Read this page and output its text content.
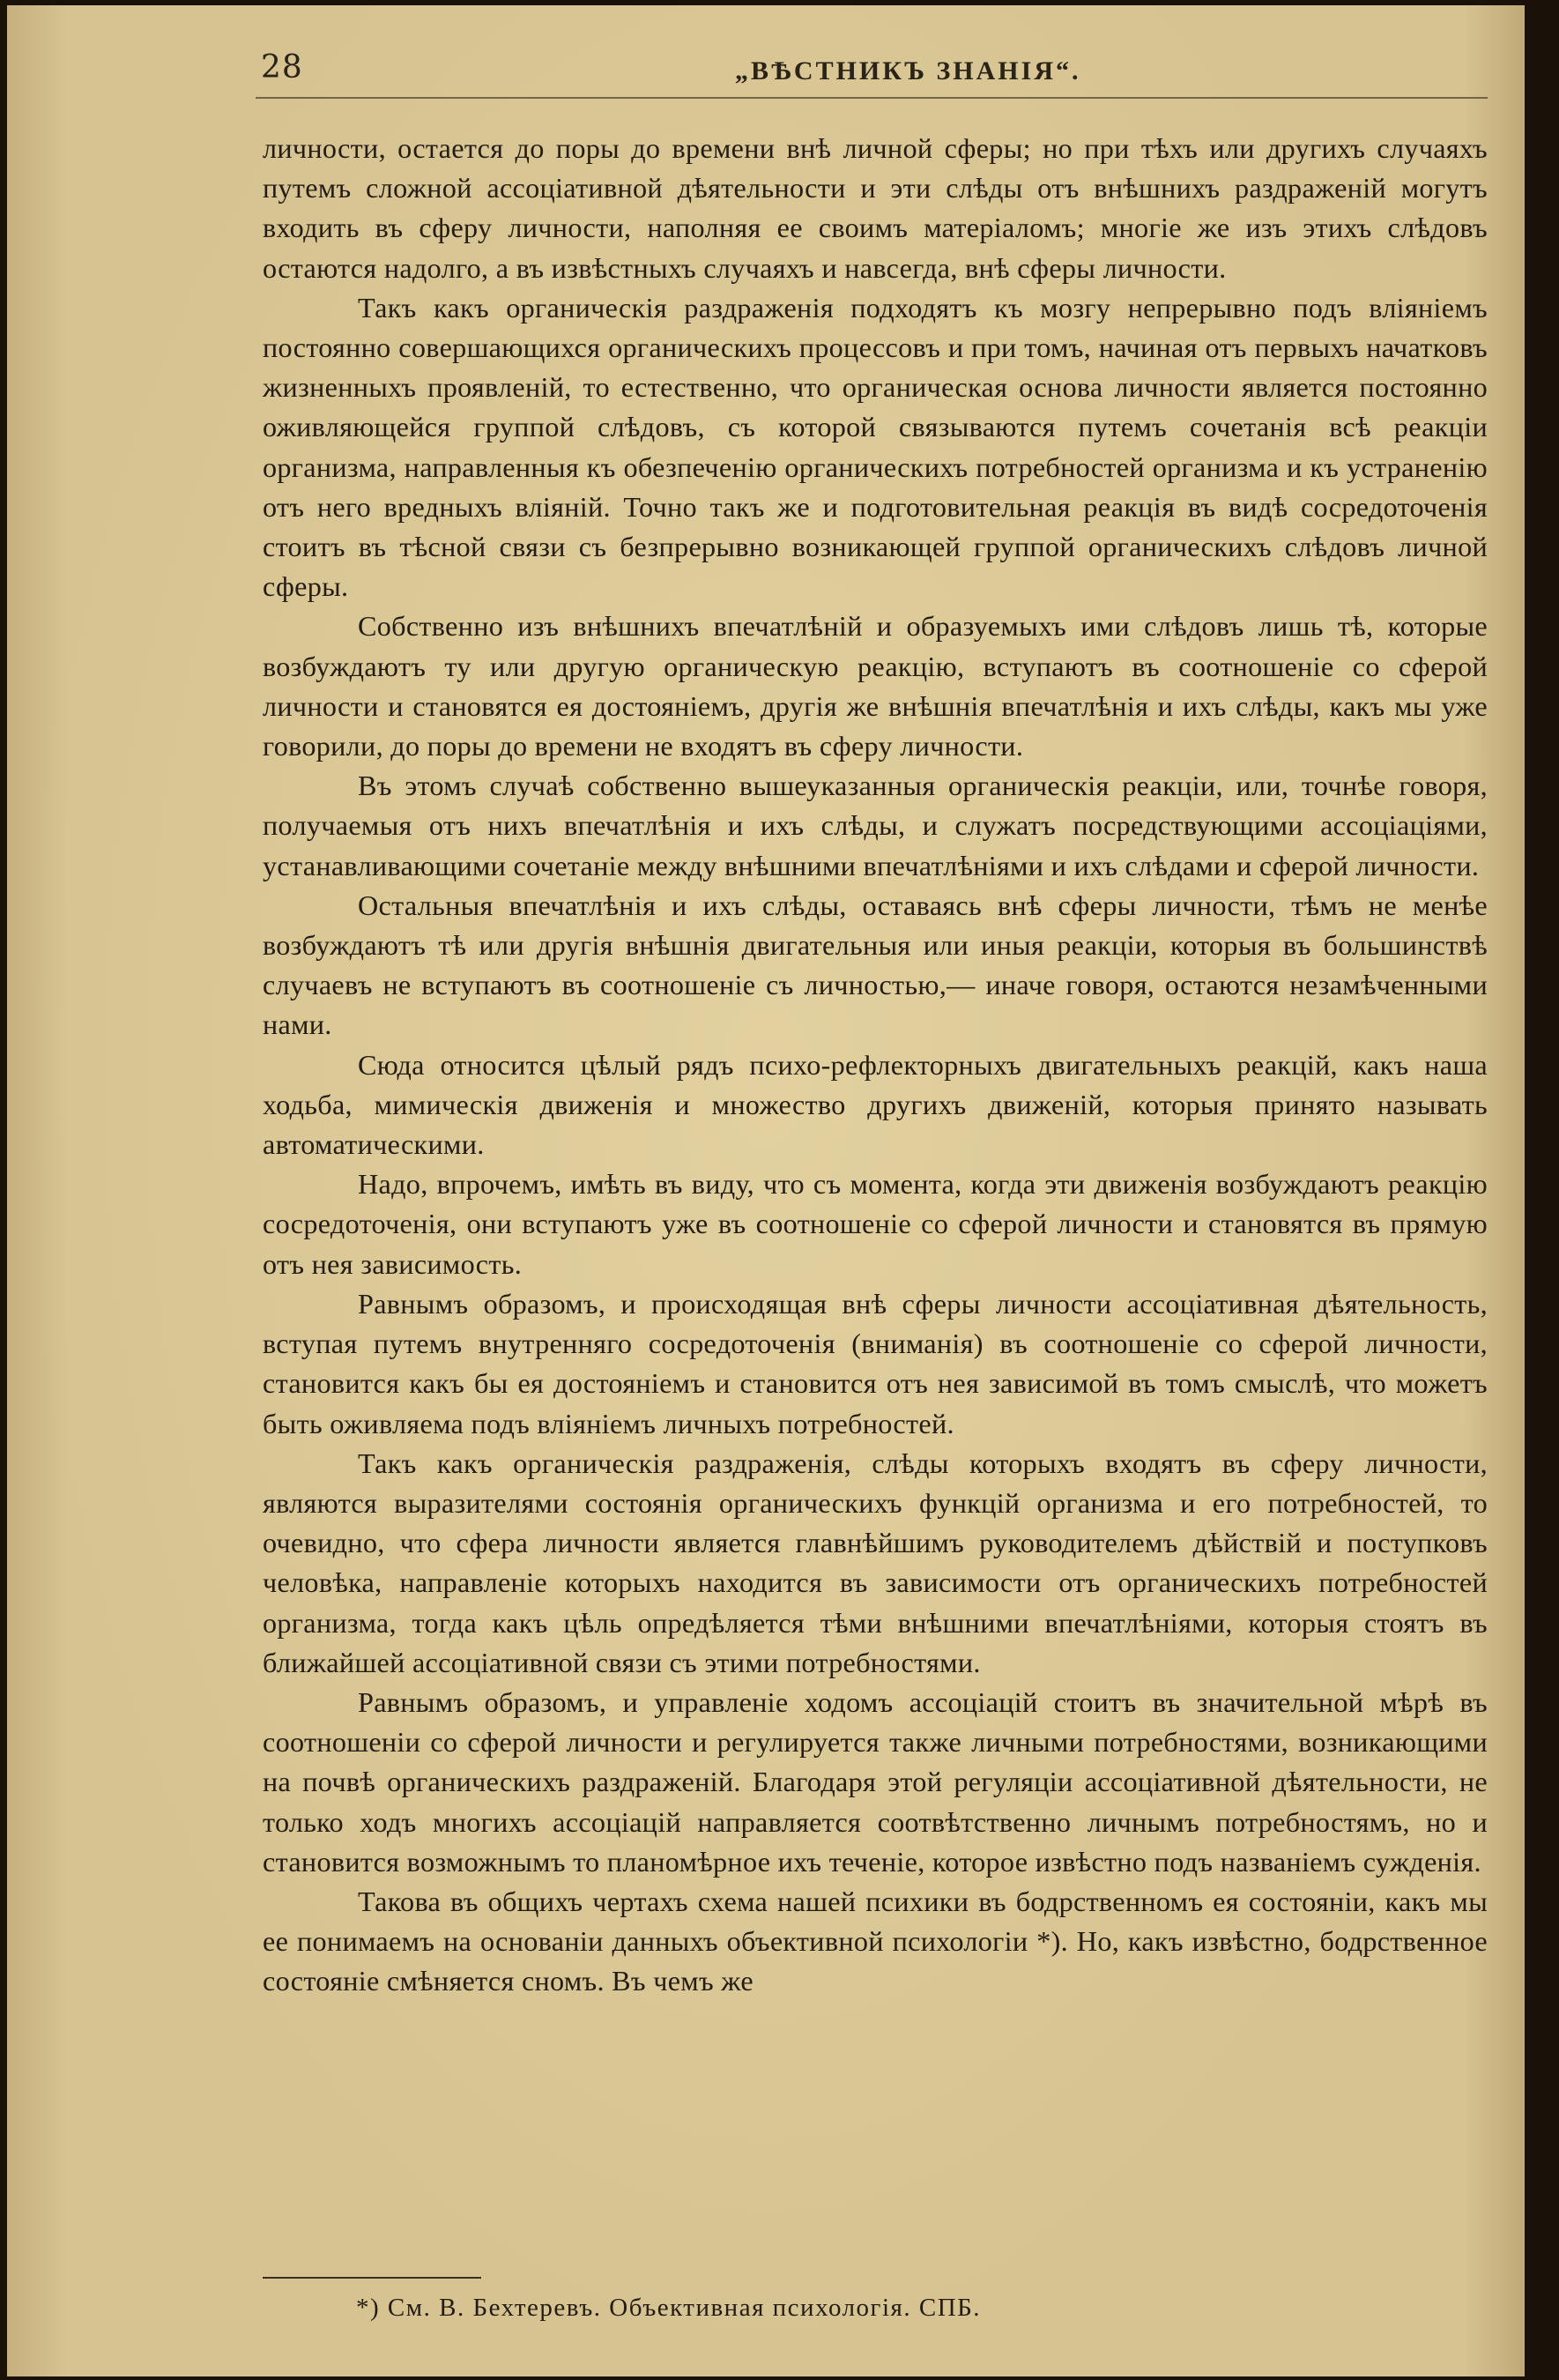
28	„ВѢСТНИКЪ ЗНАНІЯ“.

личности, остается до поры до времени внѣ личной сферы; но при тѣхъ или другихъ случаяхъ путемъ сложной ассоціативной дѣятельности и эти слѣды отъ внѣшнихъ раздраженій могутъ входить въ сферу личности, наполняя ее своимъ матеріаломъ; многіе же изъ этихъ слѣдовъ остаются надолго, а въ извѣстныхъ случаяхъ и навсегда, внѣ сферы личности.

Такъ какъ органическія раздраженія подходятъ къ мозгу непрерывно подъ вліяніемъ постоянно совершающихся органическихъ процессовъ и при томъ, начиная отъ первыхъ начатковъ жизненныхъ проявленій, то естественно, что органическая основа личности является постоянно оживляющейся группой слѣдовъ, съ которой связываются путемъ сочетанія всѣ реакціи организма, направленныя къ обезпеченію органическихъ потребностей организма и къ устраненію отъ него вредныхъ вліяній. Точно такъ же и подготовительная реакція въ видѣ сосредоточенія стоитъ въ тѣсной связи съ безпрерывно возникающей группой органическихъ слѣдовъ личной сферы.

Собственно изъ внѣшнихъ впечатлѣній и образуемыхъ ими слѣдовъ лишь тѣ, которые возбуждаютъ ту или другую органическую реакцію, вступаютъ въ соотношеніе со сферой личности и становятся ея достояніемъ, другія же внѣшнія впечатлѣнія и ихъ слѣды, какъ мы уже говорили, до поры до времени не входятъ въ сферу личности.

Въ этомъ случаѣ собственно вышеуказанныя органическія реакціи, или, точнѣе говоря, получаемыя отъ нихъ впечатлѣнія и ихъ слѣды, и служатъ посредствующими ассоціаціями, устанавливающими сочетаніе между внѣшними впечатлѣніями и ихъ слѣдами и сферой личности.

Остальныя впечатлѣнія и ихъ слѣды, оставаясь внѣ сферы личности, тѣмъ не менѣе возбуждаютъ тѣ или другія внѣшнія двигательныя или иныя реакціи, которыя въ большинствѣ случаевъ не вступаютъ въ соотношеніе съ личностью,— иначе говоря, остаются незамѣченными нами.

Сюда относится цѣлый рядъ психо-рефлекторныхъ двигательныхъ реакцій, какъ наша ходьба, мимическія движенія и множество другихъ движеній, которыя принято называть автоматическими.

Надо, впрочемъ, имѣть въ виду, что съ момента, когда эти движенія возбуждаютъ реакцію сосредоточенія, они вступаютъ уже въ соотношеніе со сферой личности и становятся въ прямую отъ нея зависимость.

Равнымъ образомъ, и происходящая внѣ сферы личности ассоціативная дѣятельность, вступая путемъ внутренняго сосредоточенія (вниманія) въ соотношеніе со сферой личности, становится какъ бы ея достояніемъ и становится отъ нея зависимой въ томъ смыслѣ, что можетъ быть оживляема подъ вліяніемъ личныхъ потребностей.

Такъ какъ органическія раздраженія, слѣды которыхъ входятъ въ сферу личности, являются выразителями состоянія органическихъ функцій организма и его потребностей, то очевидно, что сфера личности является главнѣйшимъ руководителемъ дѣйствій и поступковъ человѣка, направленіе которыхъ находится въ зависимости отъ органическихъ потребностей организма, тогда какъ цѣль опредѣляется тѣми внѣшними впечатлѣніями, которыя стоятъ въ ближайшей ассоціативной связи съ этими потребностями.

Равнымъ образомъ, и управленіе ходомъ ассоціацій стоитъ въ значительной мѣрѣ въ соотношеніи со сферой личности и регулируется также личными потребностями, возникающими на почвѣ органическихъ раздраженій. Благодаря этой регуляціи ассоціативной дѣятельности, не только ходъ многихъ ассоціацій направляется соотвѣтственно личнымъ потребностямъ, но и становится возможнымъ то планомѣрное ихъ теченіе, которое извѣстно подъ названіемъ сужденія.

Такова въ общихъ чертахъ схема нашей психики въ бодрственномъ ея состояніи, какъ мы ее понимаемъ на основаніи данныхъ объективной психологіи *). Но, какъ извѣстно, бодрственное состояніе смѣняется сномъ. Въ чемъ же

*) См. В. Бехтеревъ. Объективная психологія. СПБ.
